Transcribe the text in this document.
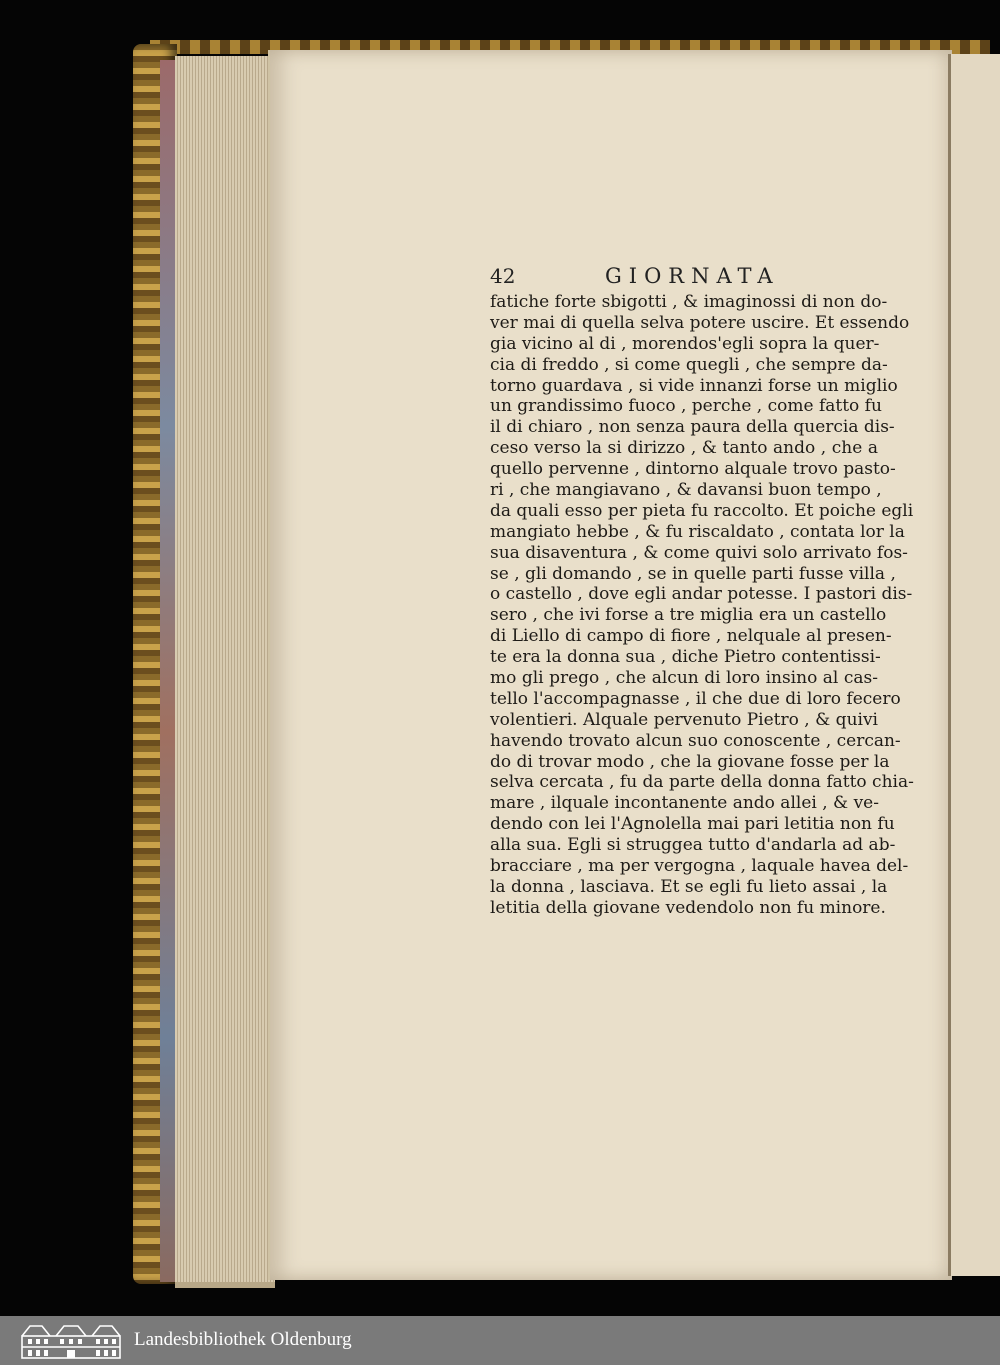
42	GIORNATA
fatiche forte sbigotti , & imaginossi di non do-
ver mai di quella selva potere uscire. Et essendo
gia vicino al di , morendos'egli sopra la quer-
cia di freddo , si come quegli , che sempre da-
torno guardava , si vide innanzi forse un miglio
un grandissimo fuoco , perche , come fatto fu
il di chiaro , non senza paura della quercia dis-
ceso verso la si dirizzo , & tanto ando , che a
quello pervenne , dintorno alquale trovo pasto-
ri , che mangiavano , & davansi buon tempo ,
da quali esso per pieta fu raccolto. Et poiche egli
mangiato hebbe , & fu riscaldato , contata lor la
sua disaventura , & come quivi solo arrivato fos-
se , gli domando , se in quelle parti fusse villa ,
o castello , dove egli andar potesse. I pastori dis-
sero , che ivi forse a tre miglia era un castello
di Liello di campo di fiore , nelquale al presen-
te era la donna sua , diche Pietro contentissi-
mo gli prego , che alcun di loro insino al cas-
tello l'accompagnasse , il che due di loro fecero
volentieri. Alquale pervenuto Pietro , & quivi
havendo trovato alcun suo conoscente , cercan-
do di trovar modo , che la giovane fosse per la
selva cercata , fu da parte della donna fatto chia-
mare , ilquale incontanente ando allei , & ve-
dendo con lei l'Agnolella mai pari letitia non fu
alla sua. Egli si struggea tutto d'andarla ad ab-
bracciare , ma per vergogna , laquale havea del-
la donna , lasciava. Et se egli fu lieto assai , la
letitia della giovane vedendolo non fu minore.
Landesbibliothek Oldenburg
